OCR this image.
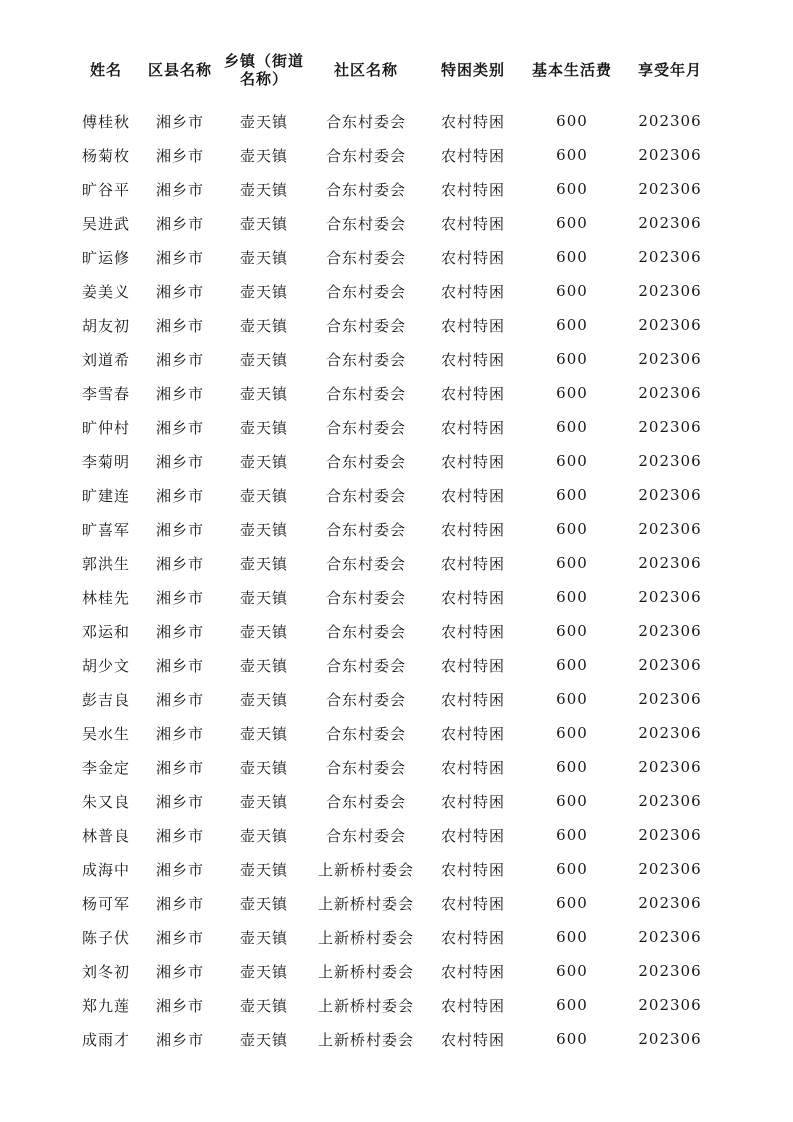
姓名	区县名称	乡镇（街道名称）	社区名称	特困类别	基本生活费	享受年月
傅桂秋	湘乡市	壶天镇	合东村委会	农村特困	600	202306
杨菊枚	湘乡市	壶天镇	合东村委会	农村特困	600	202306
旷谷平	湘乡市	壶天镇	合东村委会	农村特困	600	202306
吴进武	湘乡市	壶天镇	合东村委会	农村特困	600	202306
旷运修	湘乡市	壶天镇	合东村委会	农村特困	600	202306
姜美义	湘乡市	壶天镇	合东村委会	农村特困	600	202306
胡友初	湘乡市	壶天镇	合东村委会	农村特困	600	202306
刘道希	湘乡市	壶天镇	合东村委会	农村特困	600	202306
李雪春	湘乡市	壶天镇	合东村委会	农村特困	600	202306
旷仲村	湘乡市	壶天镇	合东村委会	农村特困	600	202306
李菊明	湘乡市	壶天镇	合东村委会	农村特困	600	202306
旷建连	湘乡市	壶天镇	合东村委会	农村特困	600	202306
旷喜军	湘乡市	壶天镇	合东村委会	农村特困	600	202306
郭洪生	湘乡市	壶天镇	合东村委会	农村特困	600	202306
林桂先	湘乡市	壶天镇	合东村委会	农村特困	600	202306
邓运和	湘乡市	壶天镇	合东村委会	农村特困	600	202306
胡少文	湘乡市	壶天镇	合东村委会	农村特困	600	202306
彭吉良	湘乡市	壶天镇	合东村委会	农村特困	600	202306
吴水生	湘乡市	壶天镇	合东村委会	农村特困	600	202306
李金定	湘乡市	壶天镇	合东村委会	农村特困	600	202306
朱又良	湘乡市	壶天镇	合东村委会	农村特困	600	202306
林普良	湘乡市	壶天镇	合东村委会	农村特困	600	202306
成海中	湘乡市	壶天镇	上新桥村委会	农村特困	600	202306
杨可军	湘乡市	壶天镇	上新桥村委会	农村特困	600	202306
陈子伏	湘乡市	壶天镇	上新桥村委会	农村特困	600	202306
刘冬初	湘乡市	壶天镇	上新桥村委会	农村特困	600	202306
郑九莲	湘乡市	壶天镇	上新桥村委会	农村特困	600	202306
成雨才	湘乡市	壶天镇	上新桥村委会	农村特困	600	202306
